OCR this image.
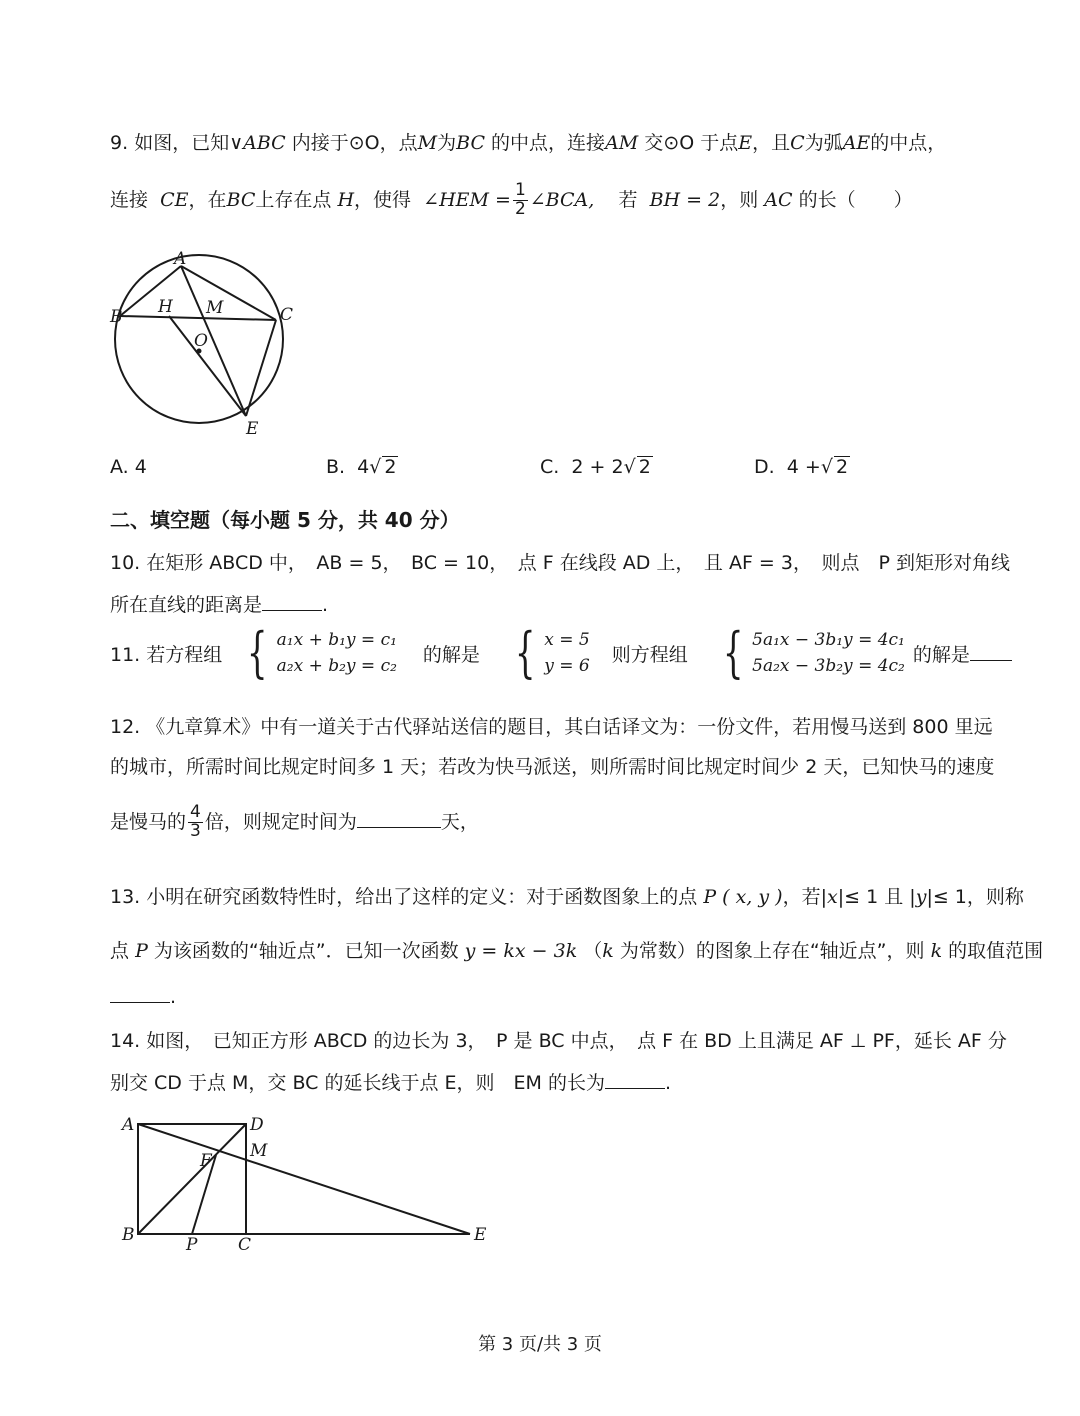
9. 如图，已知∨ABC 内接于⊙O，点M为BC 的中点，连接AM 交⊙O 于点E，且C为弧AE的中点，
连接 CE，在BC上存在点 H，使得 ∠HEM = $\frac{1}{2}$ ∠BCA, 若 BH = 2，则 AC 的长（　　）
A
B	C
H M
O
E
A. 4	B. 4√ 2	C. 2 + 2√ 2	D. 4 +√ 2
二、填空题（每小题 5 分，共 40 分）
10. 在矩形 ABCD 中，　AB = 5，　BC = 10，　点 F 在线段 AD 上，　且 AF = 3，　则点　P 到矩形对角线
所在直线的距离是	.
11. 若方程组 { a₁x + b₁y = c₁
a₂x + b₂y = c₂
的解是 { x = 5
y = 6
则方程组 { 5a₁x − 3b₁y = 4c₁
5a₂x − 3b₂y = 4c₂
的解是
12. 《九章算术》中有一道关于古代驿站送信的题目，其白话译文为：一份文件，若用慢马送到 800 里远
的城市，所需时间比规定时间多 1 天；若改为快马派送，则所需时间比规定时间少 2 天，已知快马的速度
是慢马的 $\frac{4}{3}$ 倍，则规定时间为	天，
13. 小明在研究函数特性时，给出了这样的定义：对于函数图象上的点 P ( x, y )，若|x|≤ 1 且 |y|≤ 1，则称
点 P 为该函数的“轴近点”．已知一次函数 y = kx − 3k （k 为常数）的图象上存在“轴近点”，则 k 的取值范围
.
14. 如图，　已知正方形 ABCD 的边长为 3，　P 是 BC 中点，　点 F 在 BD 上且满足 AF ⊥ PF，延长 AF 分
别交 CD 于点 M，交 BC 的延长线于点 E，则　EM 的长为	.
A	D
F M
B	P C	E
第 3 页/共 3 页
